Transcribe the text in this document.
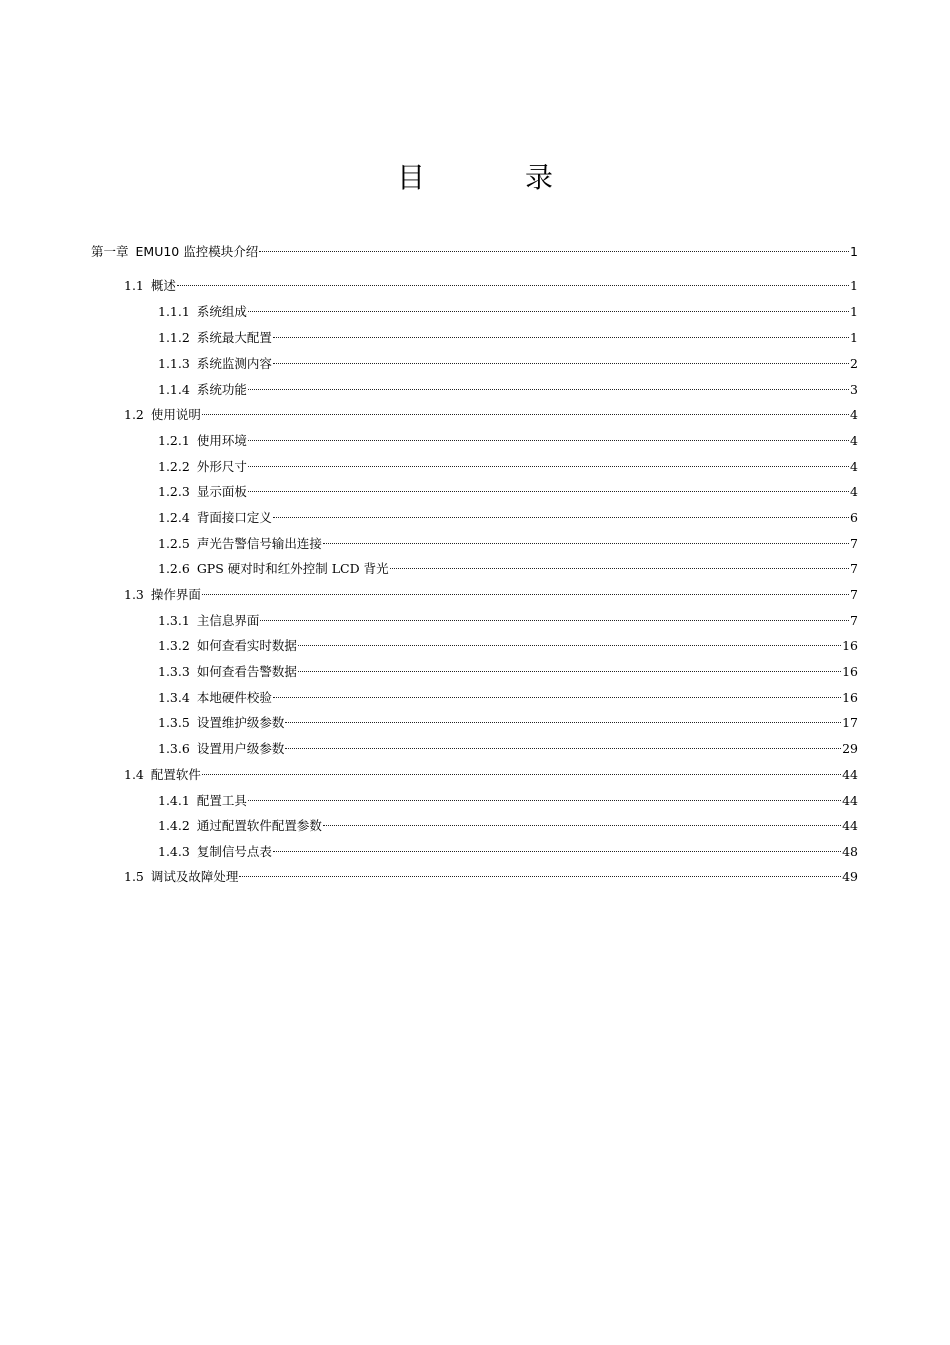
目　录
第一章 EMU10 监控模块介绍	1
1.1 概述	1
1.1.1 系统组成	1
1.1.2 系统最大配置	1
1.1.3 系统监测内容	2
1.1.4 系统功能	3
1.2 使用说明	4
1.2.1 使用环境	4
1.2.2 外形尺寸	4
1.2.3 显示面板	4
1.2.4 背面接口定义	6
1.2.5 声光告警信号输出连接	7
1.2.6 GPS 硬对时和红外控制 LCD 背光	7
1.3 操作界面	7
1.3.1 主信息界面	7
1.3.2 如何查看实时数据	16
1.3.3 如何查看告警数据	16
1.3.4 本地硬件校验	16
1.3.5 设置维护级参数	17
1.3.6 设置用户级参数	29
1.4 配置软件	44
1.4.1 配置工具	44
1.4.2 通过配置软件配置参数	44
1.4.3 复制信号点表	48
1.5 调试及故障处理	49
